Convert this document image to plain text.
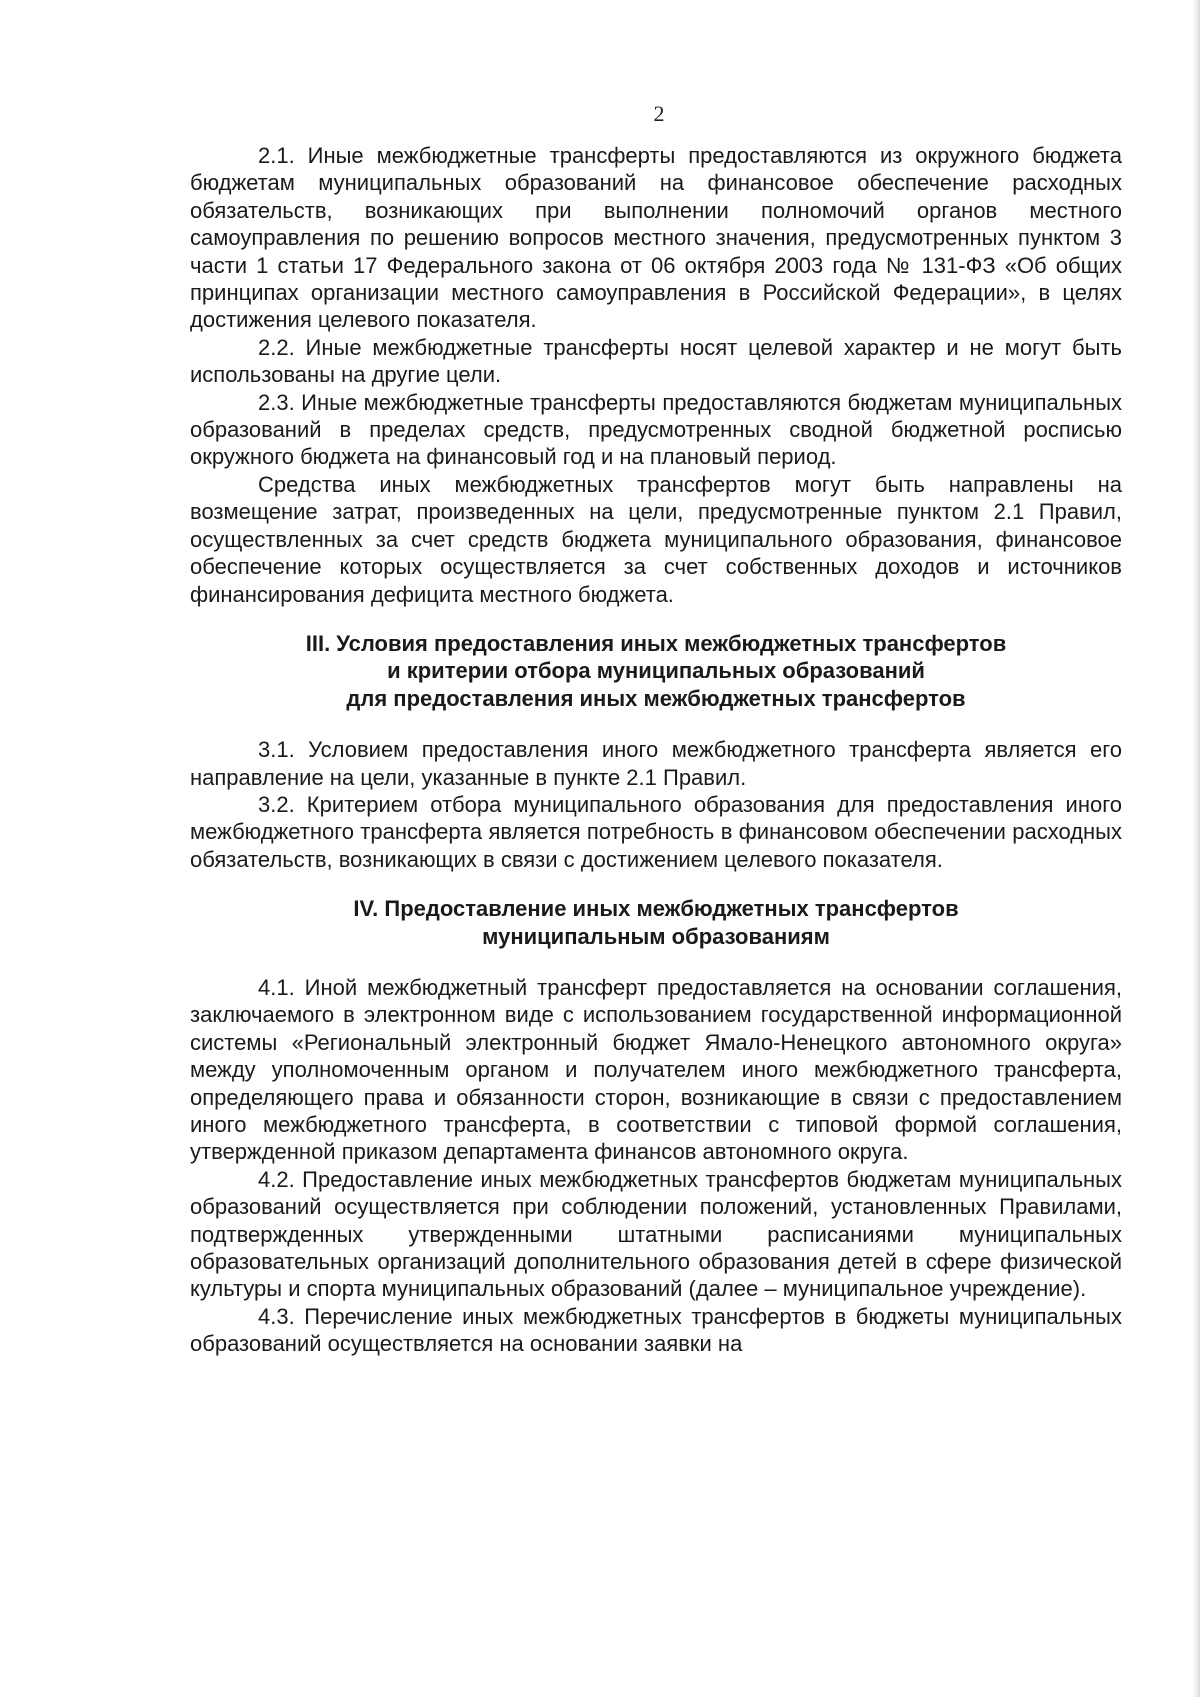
2

2.1. Иные межбюджетные трансферты предоставляются из окружного бюджета бюджетам муниципальных образований на финансовое обеспечение расходных обязательств, возникающих при выполнении полномочий органов местного самоуправления по решению вопросов местного значения, предусмотренных пунктом 3 части 1 статьи 17 Федерального закона от 06 октября 2003 года № 131-ФЗ «Об общих принципах организации местного самоуправления в Российской Федерации», в целях достижения целевого показателя.

2.2. Иные межбюджетные трансферты носят целевой характер и не могут быть использованы на другие цели.

2.3. Иные межбюджетные трансферты предоставляются бюджетам муниципальных образований в пределах средств, предусмотренных сводной бюджетной росписью окружного бюджета на финансовый год и на плановый период.

Средства иных межбюджетных трансфертов могут быть направлены на возмещение затрат, произведенных на цели, предусмотренные пунктом 2.1 Правил, осуществленных за счет средств бюджета муниципального образования, финансовое обеспечение которых осуществляется за счет собственных доходов и источников финансирования дефицита местного бюджета.

III. Условия предоставления иных межбюджетных трансфертов
и критерии отбора муниципальных образований
для предоставления иных межбюджетных трансфертов

3.1. Условием предоставления иного межбюджетного трансферта является его направление на цели, указанные в пункте 2.1 Правил.

3.2. Критерием отбора муниципального образования для предоставления иного межбюджетного трансферта является потребность в финансовом обеспечении расходных обязательств, возникающих в связи с достижением целевого показателя.

IV. Предоставление иных межбюджетных трансфертов
муниципальным образованиям

4.1. Иной межбюджетный трансферт предоставляется на основании соглашения, заключаемого в электронном виде с использованием государственной информационной системы «Региональный электронный бюджет Ямало-Ненецкого автономного округа» между уполномоченным органом и получателем иного межбюджетного трансферта, определяющего права и обязанности сторон, возникающие в связи с предоставлением иного межбюджетного трансферта, в соответствии с типовой формой соглашения, утвержденной приказом департамента финансов автономного округа.

4.2. Предоставление иных межбюджетных трансфертов бюджетам муниципальных образований осуществляется при соблюдении положений, установленных Правилами, подтвержденных утвержденными штатными расписаниями муниципальных образовательных организаций дополнительного образования детей в сфере физической культуры и спорта муниципальных образований (далее – муниципальное учреждение).

4.3. Перечисление иных межбюджетных трансфертов в бюджеты муниципальных образований осуществляется на основании заявки на
